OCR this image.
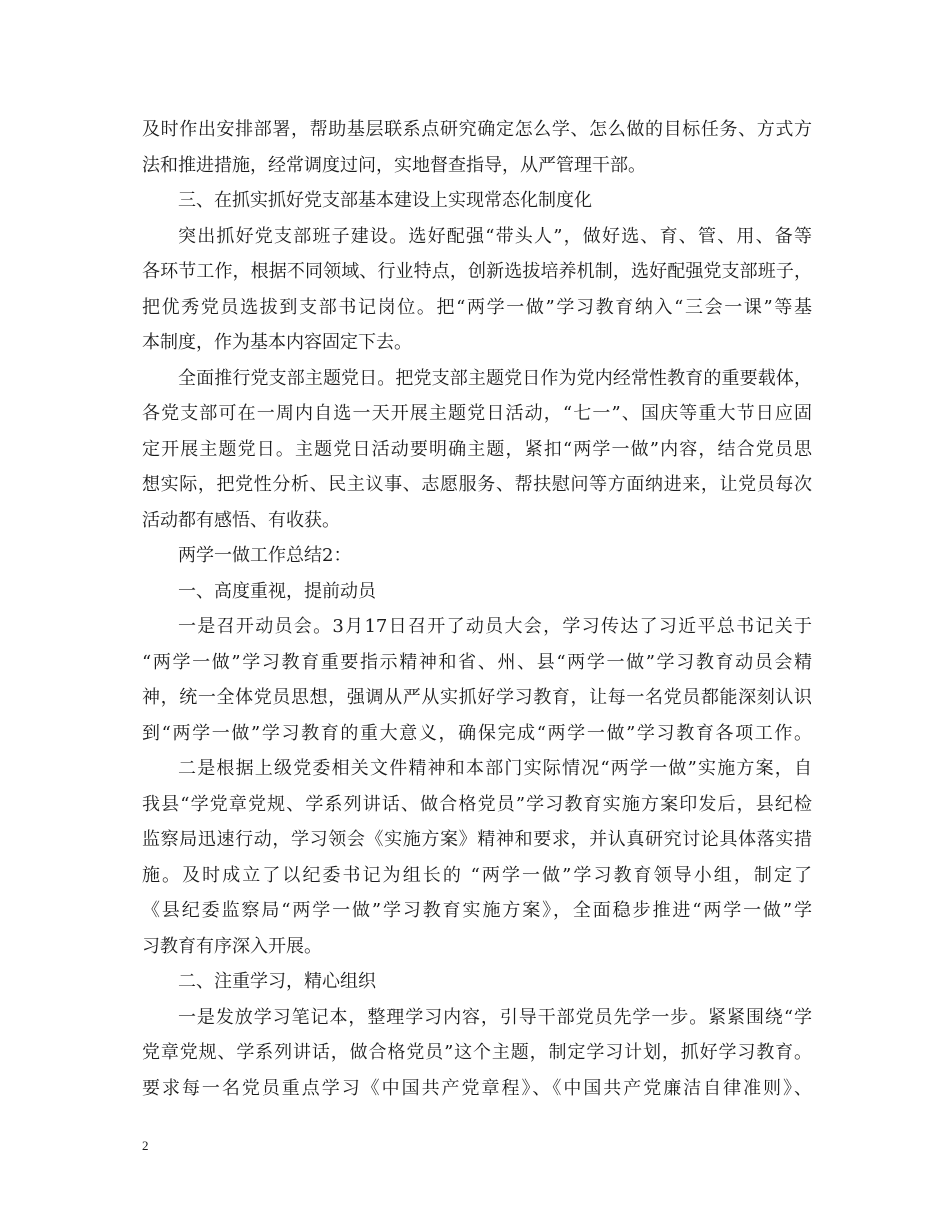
及时作出安排部署，帮助基层联系点研究确定怎么学、怎么做的目标任务、方式方
法和推进措施，经常调度过问，实地督查指导，从严管理干部。
三、在抓实抓好党支部基本建设上实现常态化制度化
突出抓好党支部班子建设。选好配强“带头人”，做好选、育、管、用、备等
各环节工作，根据不同领域、行业特点，创新选拔培养机制，选好配强党支部班子，
把优秀党员选拔到支部书记岗位。把“两学一做”学习教育纳入“三会一课”等基
本制度，作为基本内容固定下去。
全面推行党支部主题党日。把党支部主题党日作为党内经常性教育的重要载体，
各党支部可在一周内自选一天开展主题党日活动，“七一”、国庆等重大节日应固
定开展主题党日。主题党日活动要明确主题，紧扣“两学一做”内容，结合党员思
想实际，把党性分析、民主议事、志愿服务、帮扶慰问等方面纳进来，让党员每次
活动都有感悟、有收获。
两学一做工作总结2：
一、高度重视，提前动员
一是召开动员会。3月17日召开了动员大会，学习传达了习近平总书记关于
“两学一做”学习教育重要指示精神和省、州、县“两学一做”学习教育动员会精
神，统一全体党员思想，强调从严从实抓好学习教育，让每一名党员都能深刻认识
到“两学一做”学习教育的重大意义，确保完成“两学一做”学习教育各项工作。
二是根据上级党委相关文件精神和本部门实际情况“两学一做”实施方案，自
我县“学党章党规、学系列讲话、做合格党员”学习教育实施方案印发后，县纪检
监察局迅速行动，学习领会《实施方案》精神和要求，并认真研究讨论具体落实措
施。及时成立了以纪委书记为组长的 “两学一做”学习教育领导小组，制定了
《县纪委监察局“两学一做”学习教育实施方案》，全面稳步推进“两学一做”学
习教育有序深入开展。
二、注重学习，精心组织
一是发放学习笔记本，整理学习内容，引导干部党员先学一步。紧紧围绕“学
党章党规、学系列讲话，做合格党员”这个主题，制定学习计划，抓好学习教育。
要求每一名党员重点学习《中国共产党章程》、《中国共产党廉洁自律准则》、
2
